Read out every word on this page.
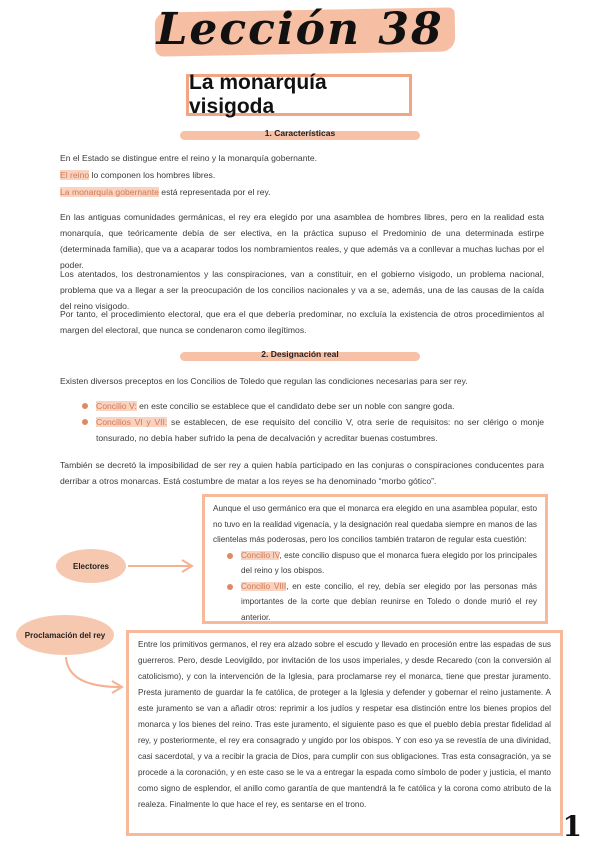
Lección 38
La monarquía visigoda
1. Características
En el Estado se distingue entre el reino y la monarquía gobernante.
El reino lo componen los hombres libres.
La monarquía gobernante está representada por el rey.
En las antiguas comunidades germánicas, el rey era elegido por una asamblea de hombres libres, pero en la realidad esta monarquía, que teóricamente debía de ser electiva, en la práctica supuso el Predominio de una determinada estirpe (determinada familia), que va a acaparar todos los nombramientos reales, y que además va a conllevar a muchas luchas por el poder.
Los atentados, los destronamientos y las conspiraciones, van a constituir, en el gobierno visigodo, un problema nacional, problema que va a llegar a ser la preocupación de los concilios nacionales y va a se, además, una de las causas de la caída del reino visigodo.
Por tanto, el procedimiento electoral, que era el que debería predominar, no excluía la existencia de otros procedimientos al margen del electoral, que nunca se condenaron como ilegítimos.
2. Designación real
Existen diversos preceptos en los Concilios de Toledo que regulan las condiciones necesarias para ser rey.
Concilio V: en este concilio se establece que el candidato debe ser un noble con sangre goda.
Concilios VI y VII: se establecen, de ese requisito del concilio V, otra serie de requisitos: no ser clérigo o monje tonsurado, no debía haber sufrido la pena de decalvación y acreditar buenas costumbres.
También se decretó la imposibilidad de ser rey a quien había participado en las conjuras o conspiraciones conducentes para derribar a otros monarcas. Está costumbre de matar a los reyes se ha denominado “morbo gótico”.
Electores
Aunque el uso germánico era que el monarca era elegido en una asamblea popular, esto no tuvo en la realidad vigenacía, y la designación real quedaba siempre en manos de las clientelas más poderosas, pero los concilios también trataron de regular esta cuestión:
Concilio IV, este concilio dispuso que el monarca fuera elegido por los principales del reino y los obispos.
Concilio VIII, en este concilio, el rey, debía ser elegido por las personas más importantes de la corte que debían reunirse en Toledo o donde murió el rey anterior.
Proclamación del rey
Entre los primitivos germanos, el rey era alzado sobre el escudo y llevado en procesión entre las espadas de sus guerreros. Pero, desde Leovigildo, por invitación de los usos imperiales, y desde Recaredo (con la conversión al catolicismo), y con la intervención de la Iglesia, para proclamarse rey el monarca, tiene que prestar juramento. Presta juramento de guardar la fe católica, de proteger a la Iglesia y defender y gobernar el reino justamente. A este juramento se van a añadir otros: reprimir a los judíos y respetar esa distinción entre los bienes propios del monarca y los bienes del reino. Tras este juramento, el siguiente paso es que el pueblo debía prestar fidelidad al rey, y posteriormente, el rey era consagrado y ungido por los obispos. Y con eso ya se revestía de una divinidad, casi sacerdotal, y va a recibir la gracia de Dios, para cumplir con sus obligaciones. Tras esta consagración, ya se procede a la coronación, y en este caso se le va a entregar la espada como símbolo de poder y justicia, el manto como signo de esplendor, el anillo como garantía de que mantendrá la fe católica y la corona como atributo de la realeza. Finalmente lo que hace el rey, es sentarse en el trono.
1
